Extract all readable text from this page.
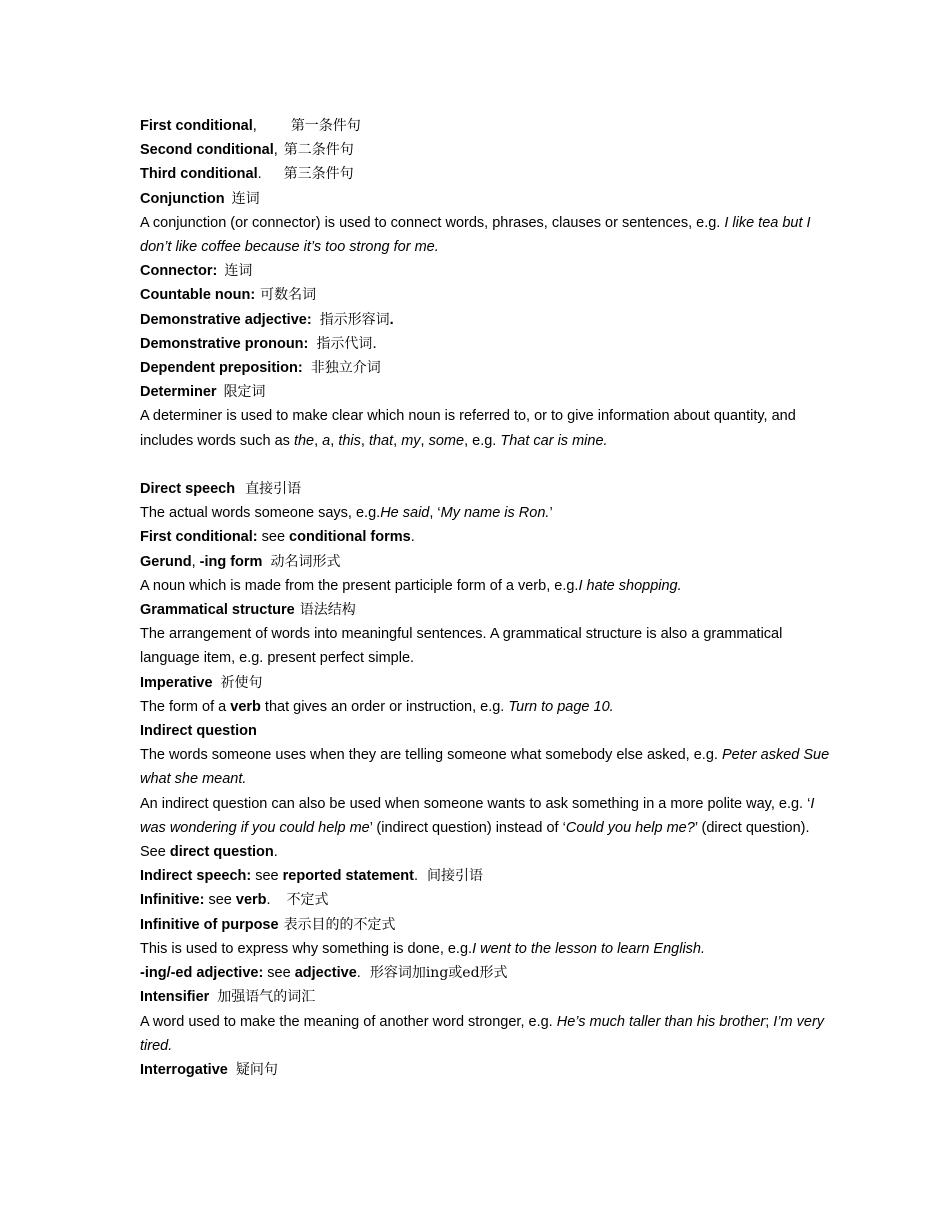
First conditional, 第一条件句
Second conditional, 第二条件句
Third conditional. 第三条件句
Conjunction 连词
A conjunction (or connector) is used to connect words, phrases, clauses or sentences, e.g. I like tea but I don’t like coffee because it’s too strong for me.
Connector: 连词
Countable noun: 可数名词
Demonstrative adjective: 指示形容词.
Demonstrative pronoun: 指示代词.
Dependent preposition: 非独立介词
Determiner 限定词
A determiner is used to make clear which noun is referred to, or to give information about quantity, and includes words such as the, a, this, that, my, some, e.g. That car is mine.
Direct speech 直接引语
The actual words someone says, e.g.He said, ‘My name is Ron.’
First conditional: see conditional forms.
Gerund, -ing form 动名词形式
A noun which is made from the present participle form of a verb, e.g.I hate shopping.
Grammatical structure 语法结构
The arrangement of words into meaningful sentences. A grammatical structure is also a grammatical language item, e.g. present perfect simple.
Imperative 祈使句
The form of a verb that gives an order or instruction, e.g. Turn to page 10.
Indirect question
The words someone uses when they are telling someone what somebody else asked, e.g. Peter asked Sue what she meant.
An indirect question can also be used when someone wants to ask something in a more polite way, e.g. ‘I was wondering if you could help me’ (indirect question) instead of ‘Could you help me?’ (direct question).
See direct question.
Indirect speech: see reported statement. 间接引语
Infinitive: see verb. 不定式
Infinitive of purpose 表示目的的不定式
This is used to express why something is done, e.g.I went to the lesson to learn English.
-ing/-ed adjective: see adjective. 形容词加ing或ed形式
Intensifier 加强语气的词汇
A word used to make the meaning of another word stronger, e.g. He’s much taller than his brother; I’m very tired.
Interrogative 疑问句
